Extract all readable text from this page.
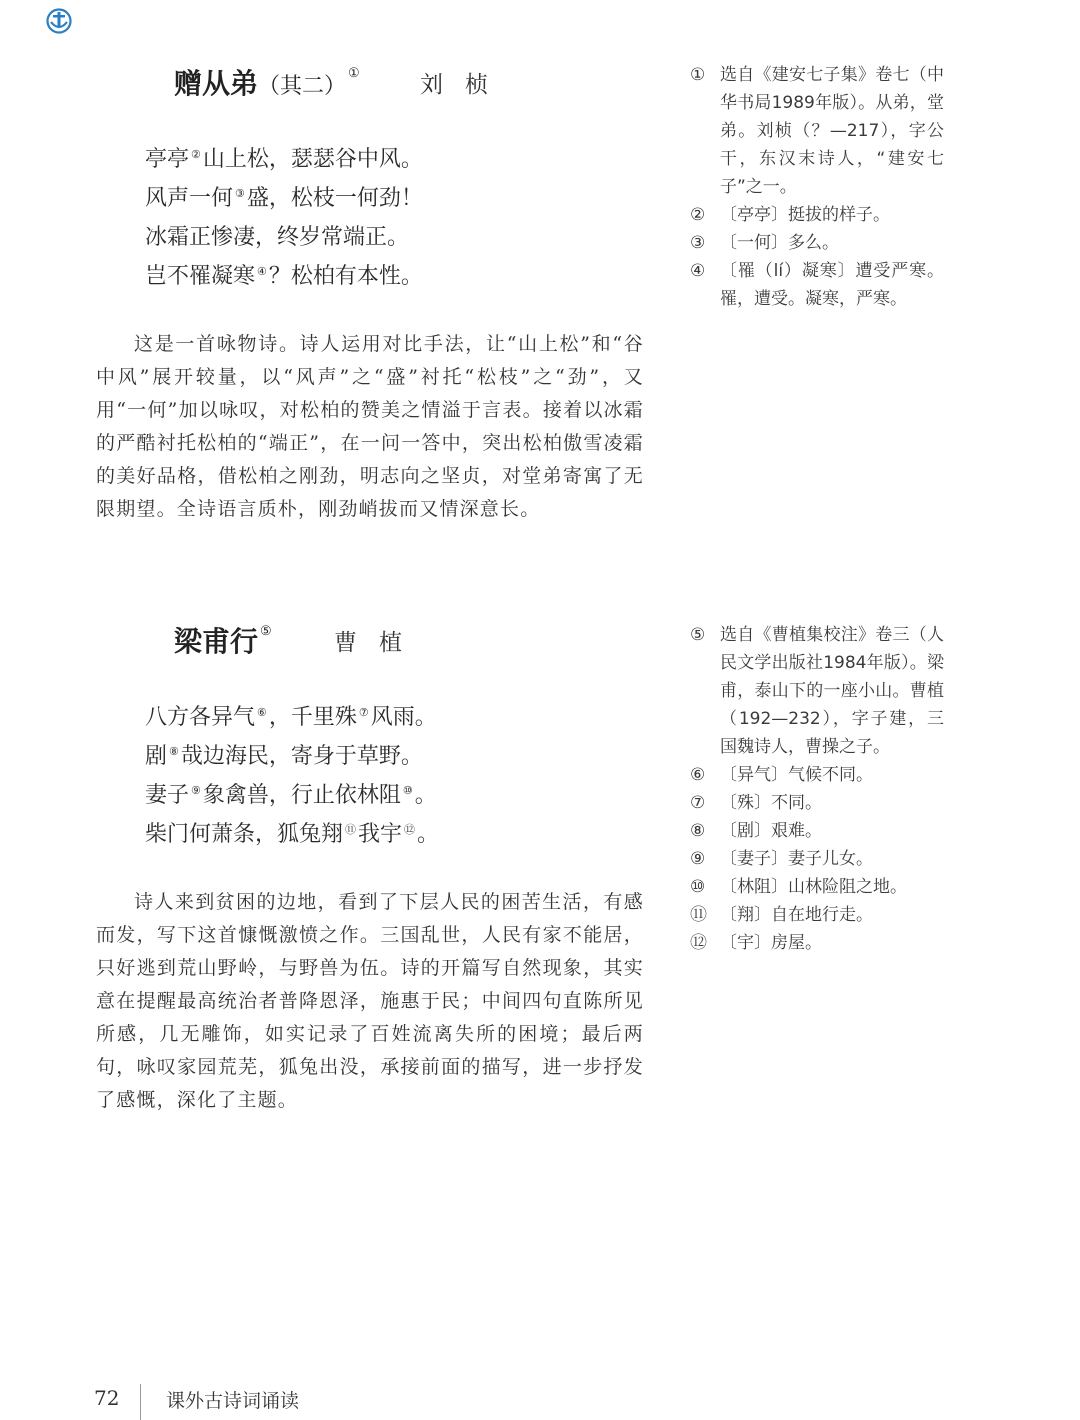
赠从弟（其二）①	刘桢
亭亭 ②山上松，瑟瑟谷中风。
风声一何 ③盛，松枝一何劲！
冰霜正惨凄，终岁常端正。
岂不罹凝寒 ④？松柏有本性。

这是一首咏物诗。诗人运用对比手法，让“山上松”和“谷中风”展开较量，以“风声”之“盛”衬托“松枝”之“劲”，又用“一何”加以咏叹，对松柏的赞美之情溢于言表。接着以冰霜的严酷衬托松柏的“端正”，在一问一答中，突出松柏傲雪凌霜的美好品格，借松柏之刚劲，明志向之坚贞，对堂弟寄寓了无限期望。全诗语言质朴，刚劲峭拔而又情深意长。

① 选自《建安七子集》卷七（中华书局1989年版）。从弟，堂弟。刘桢（？—217），字公干，东汉末诗人，“建安七子”之一。
② 〔亭亭〕挺拔的样子。
③ 〔一何〕多么。
④ 〔罹（lí）凝寒〕遭受严寒。罹，遭受。凝寒，严寒。
梁甫行 ⑤	曹植
八方各异气 ⑥，千里殊 ⑦风雨。
剧 ⑧哉边海民，寄身于草野。
妻子 ⑨象禽兽，行止依林阻 ⑩。
柴门何萧条，狐兔翔 ⑪我宇 ⑫。

诗人来到贫困的边地，看到了下层人民的困苦生活，有感而发，写下这首慷慨激愤之作。三国乱世，人民有家不能居，只好逃到荒山野岭，与野兽为伍。诗的开篇写自然现象，其实意在提醒最高统治者普降恩泽，施惠于民；中间四句直陈所见所感，几无雕饰，如实记录了百姓流离失所的困境；最后两句，咏叹家园荒芜，狐兔出没，承接前面的描写，进一步抒发了感慨，深化了主题。

⑤ 选自《曹植集校注》卷三（人民文学出版社1984年版）。梁甫，泰山下的一座小山。曹植（192—232），字子建，三国魏诗人，曹操之子。
⑥ 〔异气〕气候不同。
⑦ 〔殊〕不同。
⑧ 〔剧〕艰难。
⑨ 〔妻子〕妻子儿女。
⑩ 〔林阻〕山林险阻之地。
⑪ 〔翔〕自在地行走。
⑫ 〔宇〕房屋。
72 课外古诗词诵读
